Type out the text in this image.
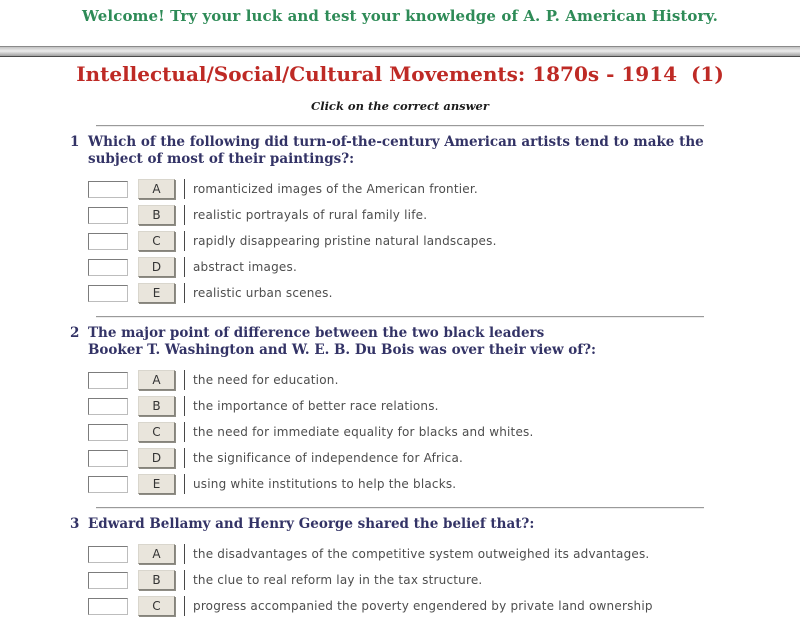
Welcome! Try your luck and test your knowledge of A. P. American History.
Intellectual/Social/Cultural Movements: 1870s - 1914  (1)
Click on the correct answer
1 Which of the following did turn-of-the-century American artists tend to make the
subject of most of their paintings?:
A	romanticized images of the American frontier.
B	realistic portrayals of rural family life.
C	rapidly disappearing pristine natural landscapes.
D	abstract images.
E	realistic urban scenes.
2 The major point of difference between the two black leaders
Booker T. Washington and W. E. B. Du Bois was over their view of?:
A	the need for education.
B	the importance of better race relations.
C	the need for immediate equality for blacks and whites.
D	the significance of independence for Africa.
E	using white institutions to help the blacks.
3 Edward Bellamy and Henry George shared the belief that?:
A	the disadvantages of the competitive system outweighed its advantages.
B	the clue to real reform lay in the tax structure.
C	progress accompanied the poverty engendered by private land ownership
